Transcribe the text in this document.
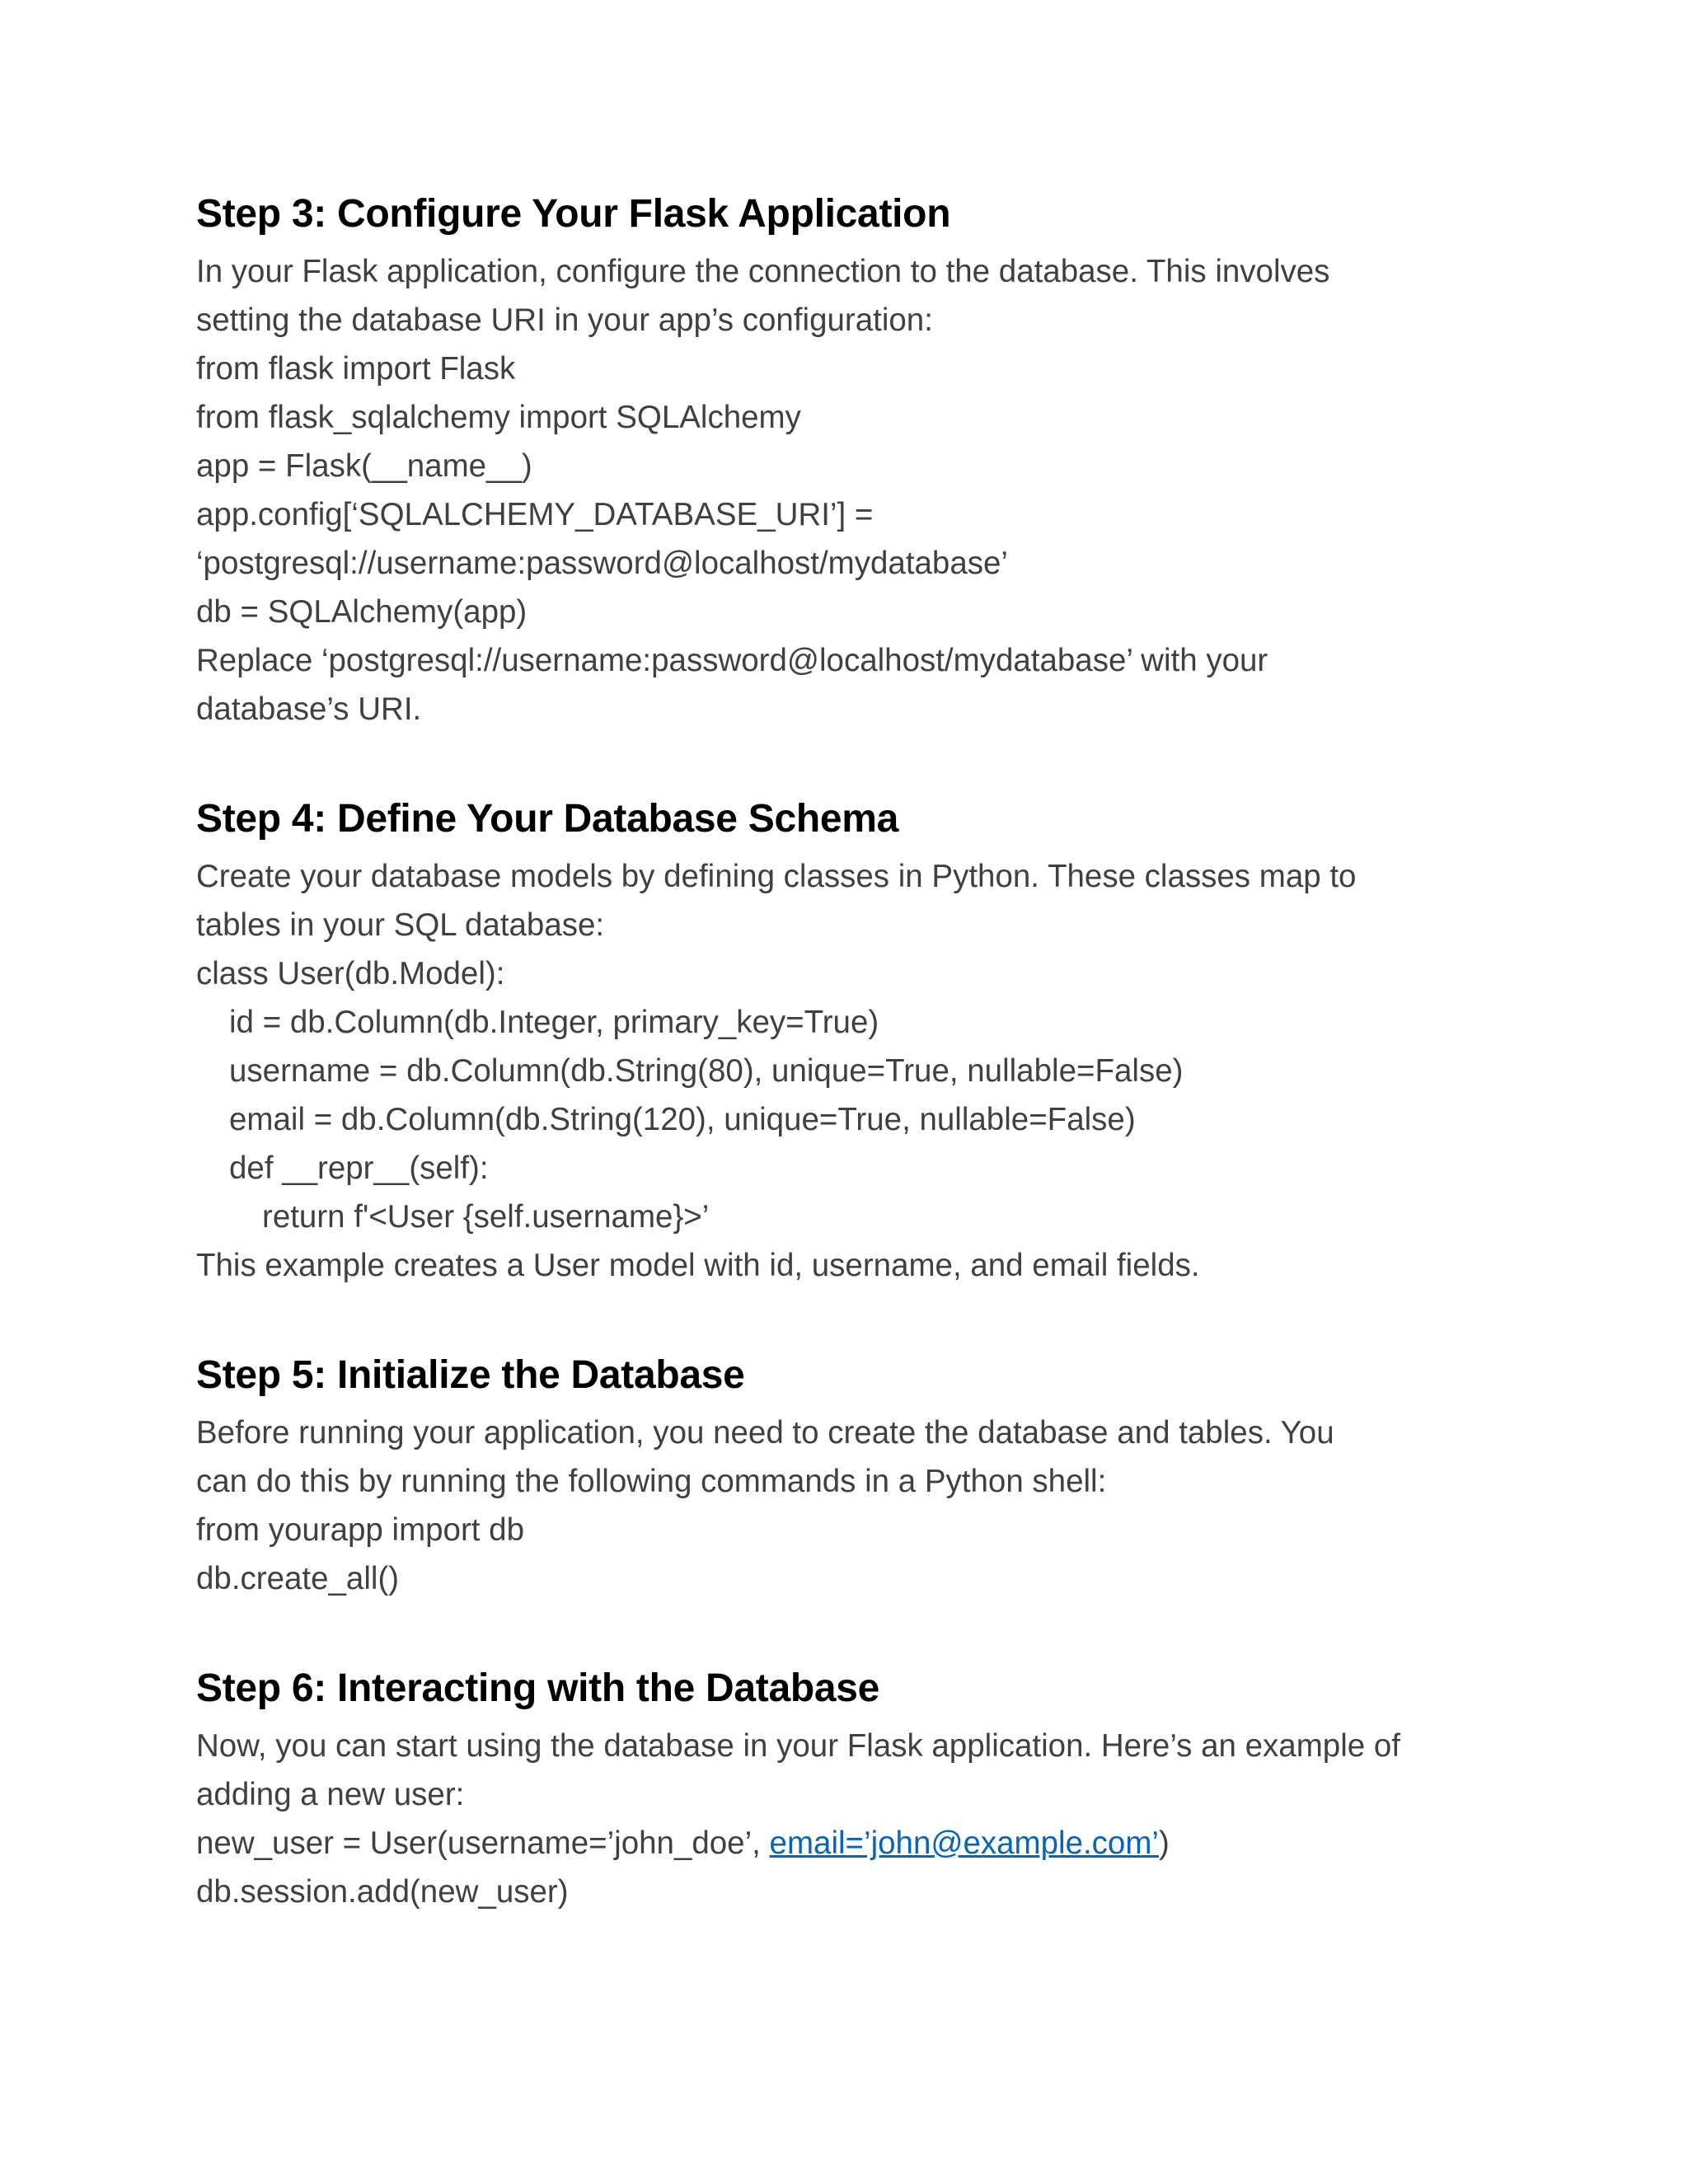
Step 3: Configure Your Flask Application

In your Flask application, configure the connection to the database. This involves

setting the database URI in your app’s configuration:

from flask import Flask

from flask_sqlalchemy import SQLAlchemy

app = Flask(__name__)

app.config[‘SQLALCHEMY_DATABASE_URI’] =

‘postgresql://username:password@localhost/mydatabase’

db = SQLAlchemy(app)

Replace ‘postgresql://username:password@localhost/mydatabase’ with your

database’s URI.

Step 4: Define Your Database Schema

Create your database models by defining classes in Python. These classes map to

tables in your SQL database:

class User(db.Model):

id = db.Column(db.Integer, primary_key=True)

username = db.Column(db.String(80), unique=True, nullable=False)

email = db.Column(db.String(120), unique=True, nullable=False)

def __repr__(self):

return f'<User {self.username}>’

This example creates a User model with id, username, and email fields.

Step 5: Initialize the Database

Before running your application, you need to create the database and tables. You

can do this by running the following commands in a Python shell:

from yourapp import db

db.create_all()

Step 6: Interacting with the Database

Now, you can start using the database in your Flask application. Here’s an example of

adding a new user:

new_user = User(username=’john_doe’, email=’john@example.com’)

db.session.add(new_user)
